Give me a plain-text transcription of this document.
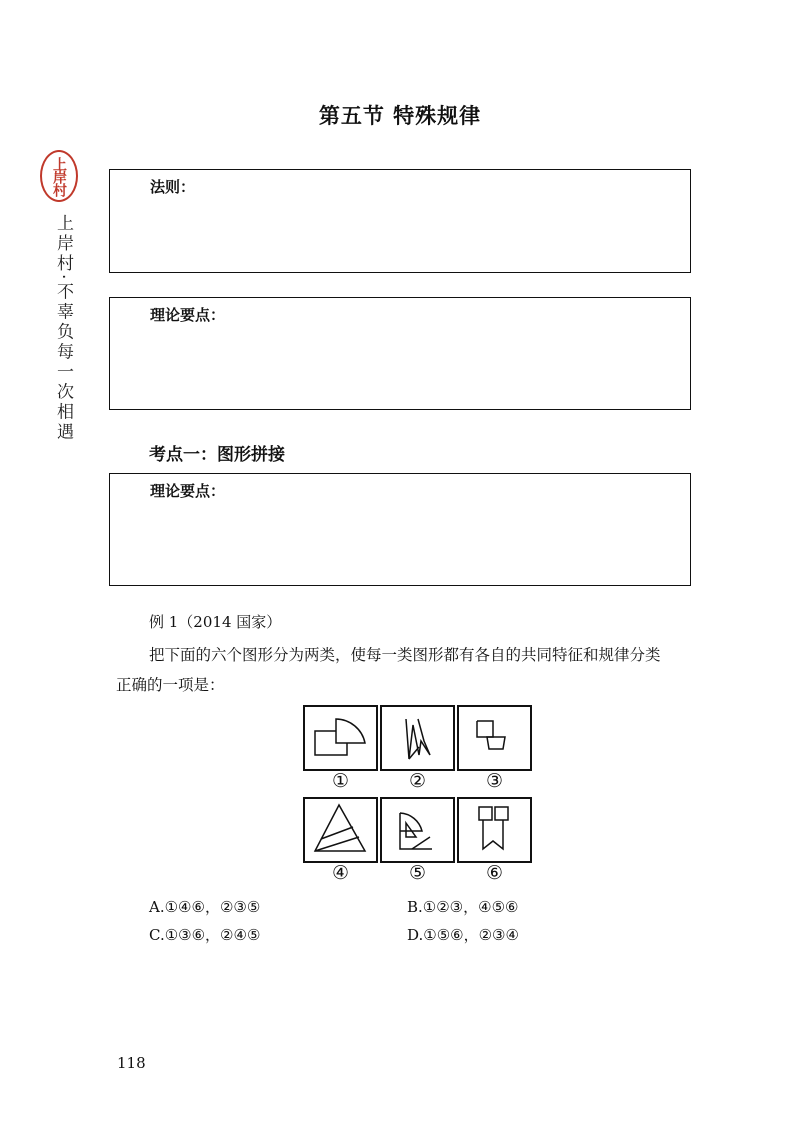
上岸村
上岸村·不辜负每一次相遇
第五节 特殊规律
法则：
理论要点：
考点一：图形拼接
理论要点：
例 1（2014 国家）
把下面的六个图形分为两类，使每一类图形都有各自的共同特征和规律分类
正确的一项是：
①	②	③
④	⑤	⑥
A.①④⑥，②③⑤	B.①②③，④⑤⑥
C.①③⑥，②④⑤	D.①⑤⑥，②③④
118
